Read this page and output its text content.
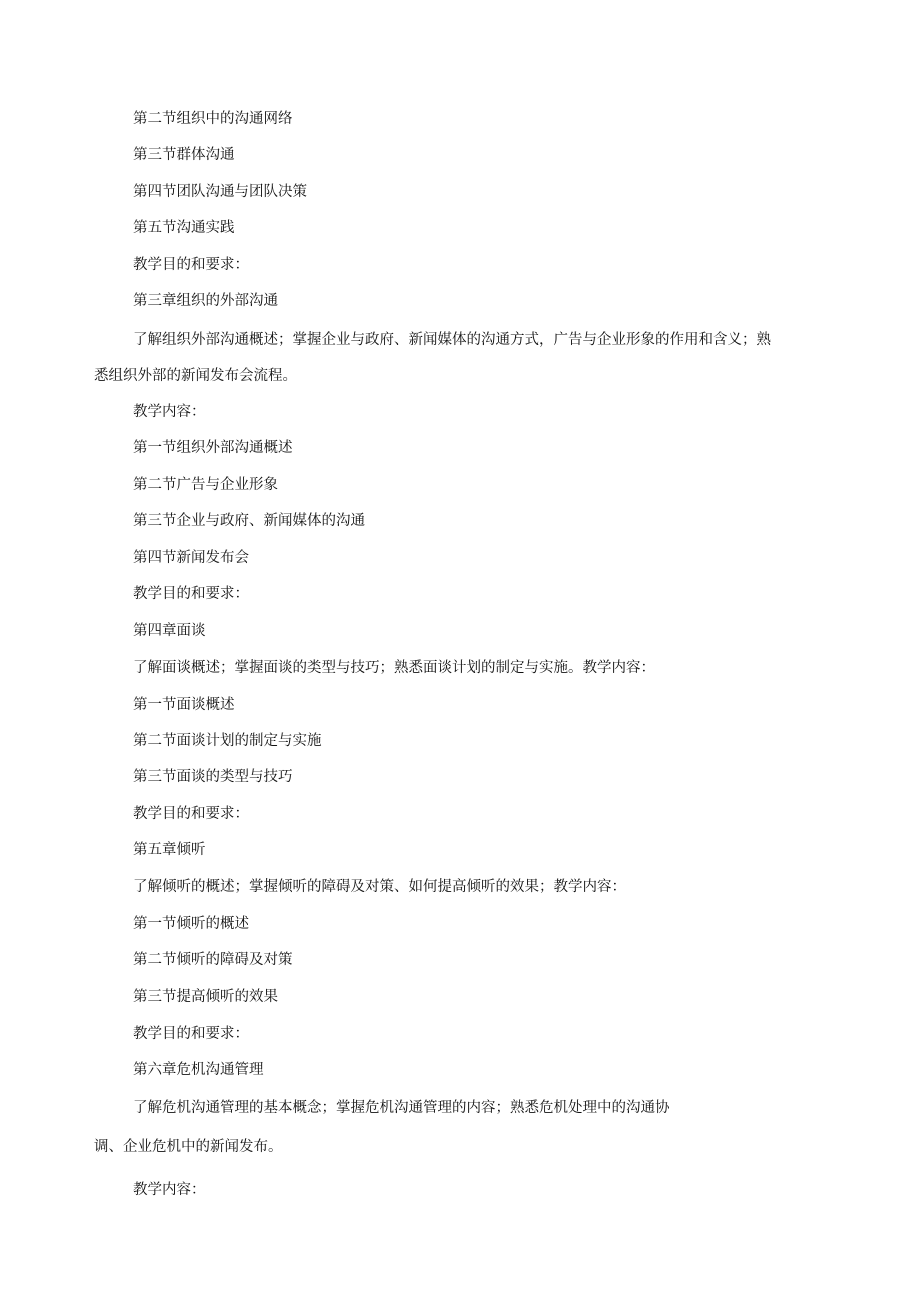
第二节组织中的沟通网络
第三节群体沟通
第四节团队沟通与团队决策
第五节沟通实践
教学目的和要求：
第三章组织的外部沟通
了解组织外部沟通概述；掌握企业与政府、新闻媒体的沟通方式，广告与企业形象的作用和含义；熟
悉组织外部的新闻发布会流程。
教学内容：
第一节组织外部沟通概述
第二节广告与企业形象
第三节企业与政府、新闻媒体的沟通
第四节新闻发布会
教学目的和要求：
第四章面谈
了解面谈概述；掌握面谈的类型与技巧；熟悉面谈计划的制定与实施。教学内容：
第一节面谈概述
第二节面谈计划的制定与实施
第三节面谈的类型与技巧
教学目的和要求：
第五章倾听
了解倾听的概述；掌握倾听的障碍及对策、如何提高倾听的效果；教学内容：
第一节倾听的概述
第二节倾听的障碍及对策
第三节提高倾听的效果
教学目的和要求：
第六章危机沟通管理
了解危机沟通管理的基本概念；掌握危机沟通管理的内容；熟悉危机处理中的沟通协
调、企业危机中的新闻发布。
教学内容：
